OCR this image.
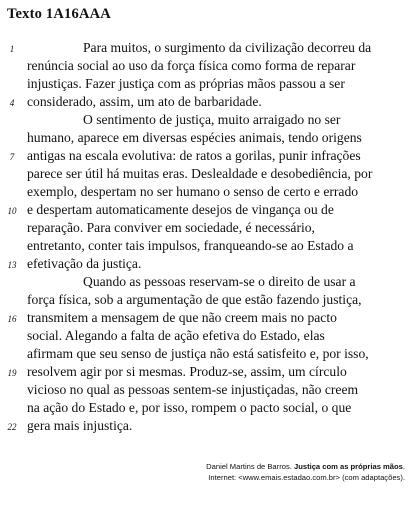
Texto 1A16AAA
Para muitos, o surgimento da civilização decorreu da
renúncia social ao uso da força física como forma de reparar
injustiças. Fazer justiça com as próprias mãos passou a ser
considerado, assim, um ato de barbaridade.
O sentimento de justiça, muito arraigado no ser
humano, aparece em diversas espécies animais, tendo origens
antigas na escala evolutiva: de ratos a gorilas, punir infrações
parece ser útil há muitas eras. Deslealdade e desobediência, por
exemplo, despertam no ser humano o senso de certo e errado
e despertam automaticamente desejos de vingança ou de
reparação. Para conviver em sociedade, é necessário,
entretanto, conter tais impulsos, franqueando-se ao Estado a
efetivação da justiça.
Quando as pessoas reservam-se o direito de usar a
força física, sob a argumentação de que estão fazendo justiça,
transmitem a mensagem de que não creem mais no pacto
social. Alegando a falta de ação efetiva do Estado, elas
afirmam que seu senso de justiça não está satisfeito e, por isso,
resolvem agir por si mesmas. Produz-se, assim, um círculo
vicioso no qual as pessoas sentem-se injustiçadas, não creem
na ação do Estado e, por isso, rompem o pacto social, o que
gera mais injustiça.
1
4
7
10
13
16
19
22
Daniel Martins de Barros. Justiça com as próprias mãos.
Internet: <www.emais.estadao.com.br> (com adaptações).
